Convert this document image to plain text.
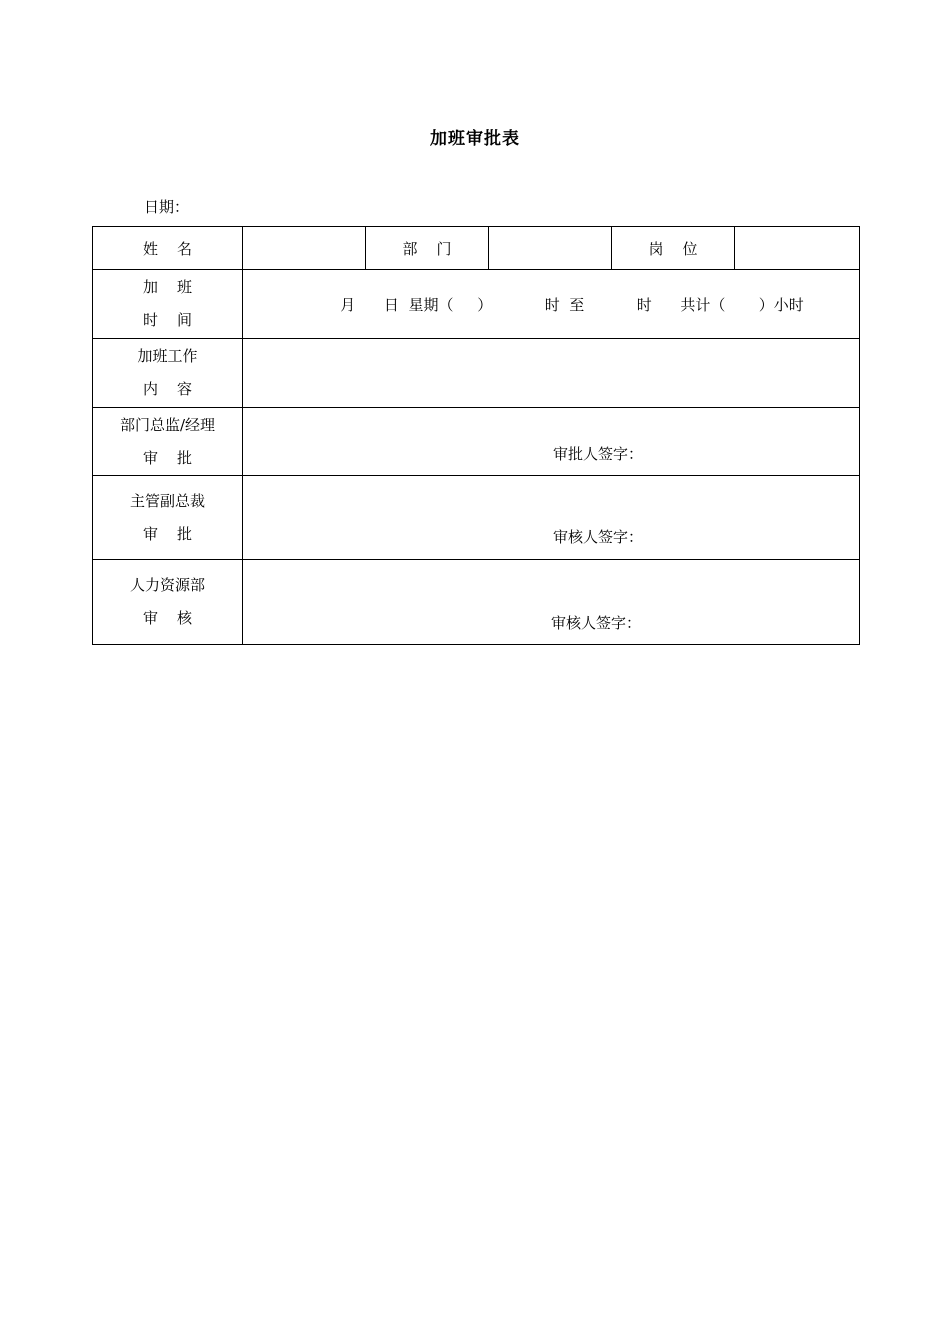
加班审批表
日期：
姓    名		部    门		岗    位	

加    班
时    间	月      日  星期（     ）           时  至           时      共计（       ）小时				

加班工作
内    容					

部门总监/经理
审    批	审批人签字：				

主管副总裁
审    批	审核人签字：				

人力资源部
审    核	审核人签字：				
